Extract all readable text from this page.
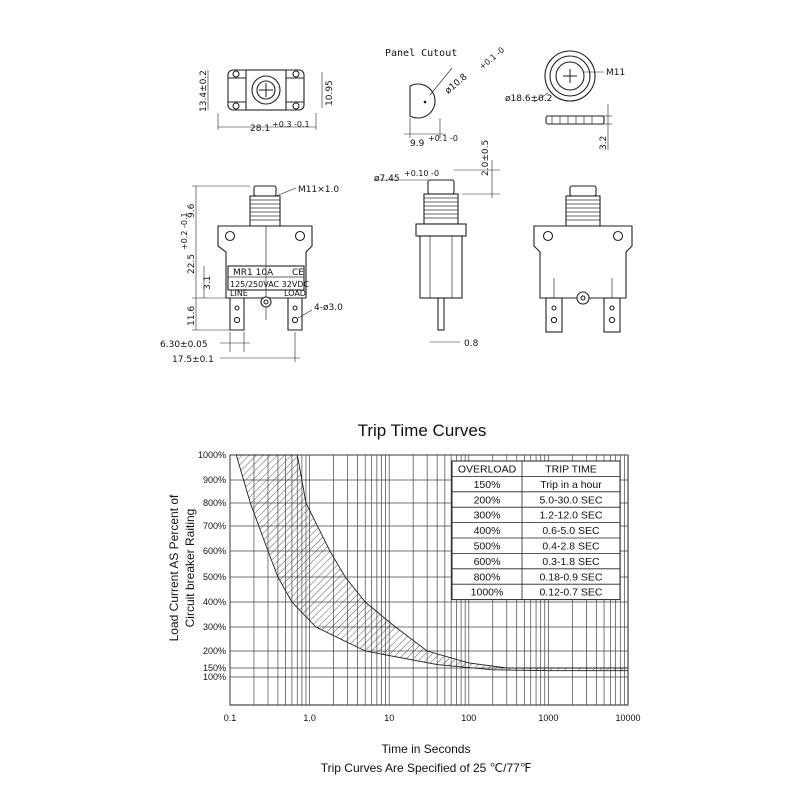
28.1 +0.3 -0.1
13.4±0.2	10.95
Panel Cutout
ø10.8
+0.1 -0
9.9
+0.1 -0
M11
ø18.6±0.2
3.2
M11×1.0
9.6
22.5
+0.2 -0.1
3.1
11.6
6.30±0.05
17.5±0.1
4-ø3.0
MR1 10A CE
125/250VAC 32VDC
LINE	LOAD
ø7.45
+0.10 -0	2.0±0.5
0.8
Trip Time Curves
0.1	1.0	10	100	1000	10000
1000%
900%
800%
700%
600%
500%
400%
300%
200%
150%
100%
Time in Seconds
Trip Curves Are Specified of 25 ℃/77℉
Load Current AS Percent of Circuit breaker Raiting
OVERLOAD	TRIP TIME
150%	Trip in a hour
200%	5.0-30.0 SEC
300%	1.2-12.0 SEC
400%	0.6-5.0 SEC
500%	0.4-2.8 SEC
600%	0.3-1.8 SEC
800%	0.18-0.9 SEC
1000%	0.12-0.7 SEC
